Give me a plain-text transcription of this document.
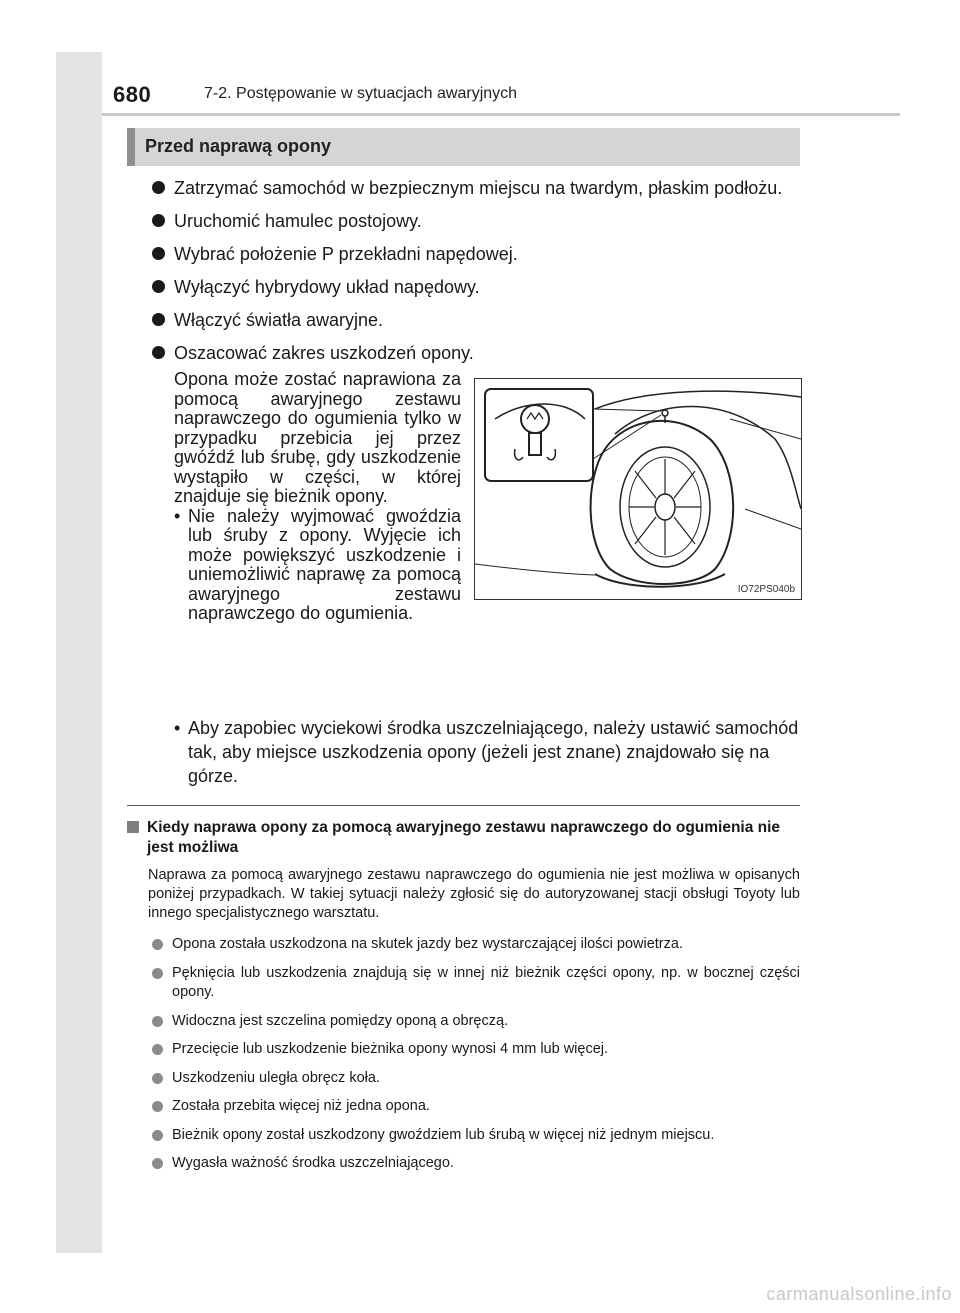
680	7-2. Postępowanie w sytuacjach awaryjnych
Przed naprawą opony
Zatrzymać samochód w bezpiecznym miejscu na twardym, płaskim podłożu.
Uruchomić hamulec postojowy.
Wybrać położenie P przekładni napędowej.
Wyłączyć hybrydowy układ napędowy.
Włączyć światła awaryjne.
Oszacować zakres uszkodzeń opony.
Opona może zostać naprawiona za pomocą awaryjnego zestawu naprawczego do ogumienia tylko w przypadku przebicia jej przez gwóźdź lub śrubę, gdy uszkodzenie wystąpiło w części, w której znajduje się bieżnik opony.
• Nie należy wyjmować gwoździa lub śruby z opony. Wyjęcie ich może powiększyć uszkodzenie i uniemożliwić naprawę za pomocą awaryjnego zestawu naprawczego do ogumienia.
• Aby zapobiec wyciekowi środka uszczelniającego, należy ustawić samochód tak, aby miejsce uszkodzenia opony (jeżeli jest znane) znajdowało się na górze.
IO72PS040b
Kiedy naprawa opony za pomocą awaryjnego zestawu naprawczego do ogumienia nie jest możliwa
Naprawa za pomocą awaryjnego zestawu naprawczego do ogumienia nie jest możliwa w opisanych poniżej przypadkach. W takiej sytuacji należy zgłosić się do autoryzowanej stacji obsługi Toyoty lub innego specjalistycznego warsztatu.
Opona została uszkodzona na skutek jazdy bez wystarczającej ilości powietrza.
Pęknięcia lub uszkodzenia znajdują się w innej niż bieżnik części opony, np. w bocznej części opony.
Widoczna jest szczelina pomiędzy oponą a obręczą.
Przecięcie lub uszkodzenie bieżnika opony wynosi 4 mm lub więcej.
Uszkodzeniu uległa obręcz koła.
Została przebita więcej niż jedna opona.
Bieżnik opony został uszkodzony gwoździem lub śrubą w więcej niż jednym miejscu.
Wygasła ważność środka uszczelniającego.
carmanualsonline.info
